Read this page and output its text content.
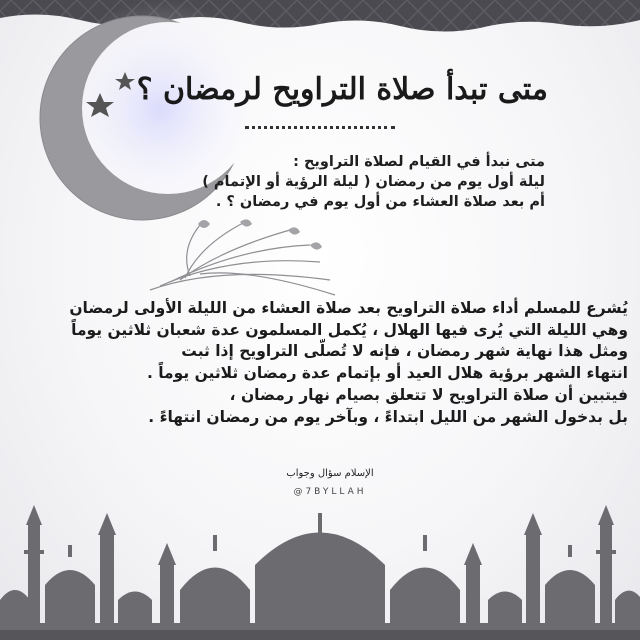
متى تبدأ صلاة التراويح لرمضان ؟

متى نبدأ في القيام لصلاة التراويح :

ليلة أول يوم من رمضان ( ليلة الرؤية أو الإتمام )

أم بعد صلاة العشاء من أول يوم في رمضان ؟ .

يُشرع للمسلم أداء صلاة التراويح بعد صلاة العشاء من الليلة الأولى لرمضان

وهي الليلة التي يُرى فيها الهلال ، يُكمل المسلمون عدة شعبان ثلاثين يوماً

ومثل هذا نهاية شهر رمضان ، فإنه لا تُصلّى التراويح إذا ثبت

انتهاء الشهر برؤية هلال العيد أو بإتمام عدة رمضان ثلاثين يوماً .

فيتبين أن صلاة التراويح لا تتعلق بصيام نهار رمضان ،

بل بدخول الشهر من الليل ابتداءً ، وبآخر يوم من رمضان انتهاءً .

الإسلام سؤال وجواب

@7BYLLAH
